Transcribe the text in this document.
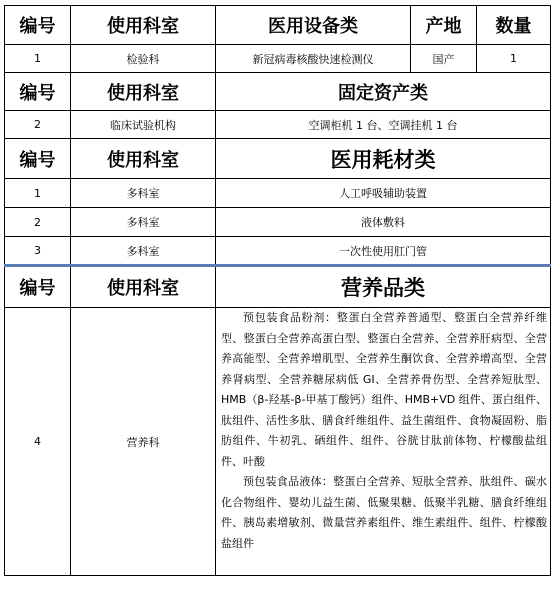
编号	使用科室	医用设备类	产地	数量
1	检验科	新冠病毒核酸快速检测仪	国产	1
编号	使用科室	固定资产类		
2	临床试验机构	空调柜机 1 台、空调挂机 1 台		
编号	使用科室	医用耗材类		
1	多科室	人工呼吸辅助装置		
2	多科室	液体敷料		
3	多科室	一次性使用肛门管		
编号	使用科室	营养品类		
4	营养科	预包装食品粉剂：整蛋白全营养普通型、整蛋白全营养纤维型、整蛋白全营养高蛋白型、整蛋白全营养、全营养肝病型、全营养高能型、全营养增肌型、全营养生酮饮食、全营养增高型、全营养肾病型、全营养糖尿病低 GI、全营养骨伤型、全营养短肽型、HMB（β-羟基-β-甲基丁酸钙）组件、HMB+VD 组件、蛋白组件、肽组件、活性多肽、膳食纤维组件、益生菌组件、食物凝固粉、脂肪组件、牛初乳、硒组件、组件、谷胱甘肽前体物、柠檬酸盐组件、叶酸

预包装食品液体：整蛋白全营养、短肽全营养、肽组件、碳水化合物组件、婴幼儿益生菌、低聚果糖、低聚半乳糖、膳食纤维组件、胰岛素增敏剂、微量营养素组件、维生素组件、组件、柠檬酸盐组件		
